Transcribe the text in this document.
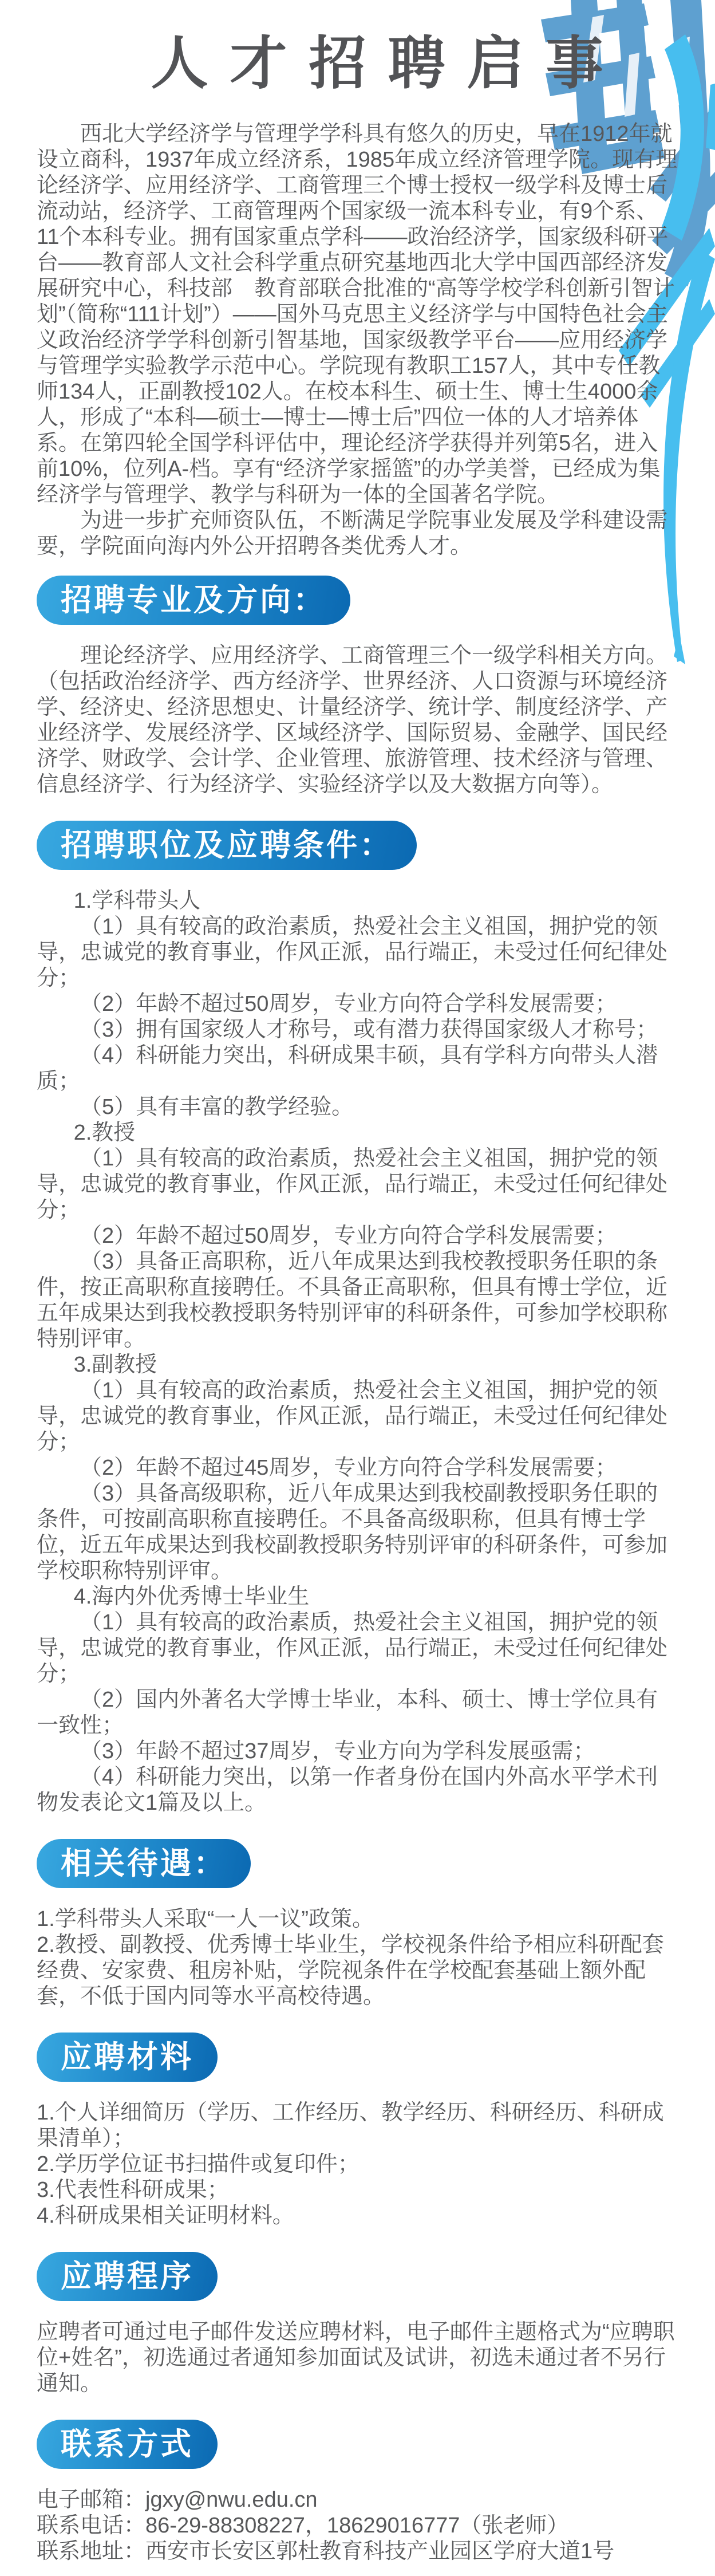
人才招聘启事

西北大学经济学与管理学学科具有悠久的历史，早在1912年就设立商科，1937年成立经济系，1985年成立经济管理学院。现有理论经济学、应用经济学、工商管理三个博士授权一级学科及博士后流动站，经济学、工商管理两个国家级一流本科专业，有9个系、11个本科专业。拥有国家重点学科——政治经济学，国家级科研平台——教育部人文社会科学重点研究基地西北大学中国西部经济发展研究中心，科技部　教育部联合批准的“高等学校学科创新引智计划”（简称“111计划”）——国外马克思主义经济学与中国特色社会主义政治经济学学科创新引智基地，国家级教学平台——应用经济学与管理学实验教学示范中心。学院现有教职工157人，其中专任教师134人，正副教授102人。在校本科生、硕士生、博士生4000余人，形成了“本科—硕士—博士—博士后”四位一体的人才培养体系。在第四轮全国学科评估中，理论经济学获得并列第5名，进入前10%，位列A-档。享有“经济学家摇篮”的办学美誉，已经成为集经济学与管理学、教学与科研为一体的全国著名学院。

为进一步扩充师资队伍，不断满足学院事业发展及学科建设需要，学院面向海内外公开招聘各类优秀人才。

招聘专业及方向：

理论经济学、应用经济学、工商管理三个一级学科相关方向。（包括政治经济学、西方经济学、世界经济、人口资源与环境经济学、经济史、经济思想史、计量经济学、统计学、制度经济学、产业经济学、发展经济学、区域经济学、国际贸易、金融学、国民经济学、财政学、会计学、企业管理、旅游管理、技术经济与管理、信息经济学、行为经济学、实验经济学以及大数据方向等）。

招聘职位及应聘条件：

1.学科带头人

（1）具有较高的政治素质，热爱社会主义祖国，拥护党的领导，忠诚党的教育事业，作风正派，品行端正，未受过任何纪律处分；

（2）年龄不超过50周岁，专业方向符合学科发展需要；

（3）拥有国家级人才称号，或有潜力获得国家级人才称号；

（4）科研能力突出，科研成果丰硕，具有学科方向带头人潜质；

（5）具有丰富的教学经验。

2.教授

（1）具有较高的政治素质，热爱社会主义祖国，拥护党的领导，忠诚党的教育事业，作风正派，品行端正，未受过任何纪律处分；

（2）年龄不超过50周岁，专业方向符合学科发展需要；

（3）具备正高职称，近八年成果达到我校教授职务任职的条件，按正高职称直接聘任。不具备正高职称，但具有博士学位，近五年成果达到我校教授职务特别评审的科研条件，可参加学校职称特别评审。

3.副教授

（1）具有较高的政治素质，热爱社会主义祖国，拥护党的领导，忠诚党的教育事业，作风正派，品行端正，未受过任何纪律处分；

（2）年龄不超过45周岁，专业方向符合学科发展需要；

（3）具备高级职称，近八年成果达到我校副教授职务任职的条件，可按副高职称直接聘任。不具备高级职称，但具有博士学位，近五年成果达到我校副教授职务特别评审的科研条件，可参加学校职称特别评审。

4.海内外优秀博士毕业生

（1）具有较高的政治素质，热爱社会主义祖国，拥护党的领导，忠诚党的教育事业，作风正派，品行端正，未受过任何纪律处分；

（2）国内外著名大学博士毕业，本科、硕士、博士学位具有一致性；

（3）年龄不超过37周岁，专业方向为学科发展亟需；

（4）科研能力突出，以第一作者身份在国内外高水平学术刊物发表论文1篇及以上。

相关待遇：

1.学科带头人采取“一人一议”政策。

2.教授、副教授、优秀博士毕业生，学校视条件给予相应科研配套经费、安家费、租房补贴，学院视条件在学校配套基础上额外配套，不低于国内同等水平高校待遇。

应聘材料

1.个人详细简历（学历、工作经历、教学经历、科研经历、科研成果清单）；

2.学历学位证书扫描件或复印件；

3.代表性科研成果；

4.科研成果相关证明材料。

应聘程序

应聘者可通过电子邮件发送应聘材料，电子邮件主题格式为“应聘职位+姓名”，初选通过者通知参加面试及试讲，初选未通过者不另行通知。

联系方式
电子邮箱：jgxy@nwu.edu.cn
联系电话：86-29-88308227，18629016777（张老师）
联系地址：西安市长安区郭杜教育科技产业园区学府大道1号
